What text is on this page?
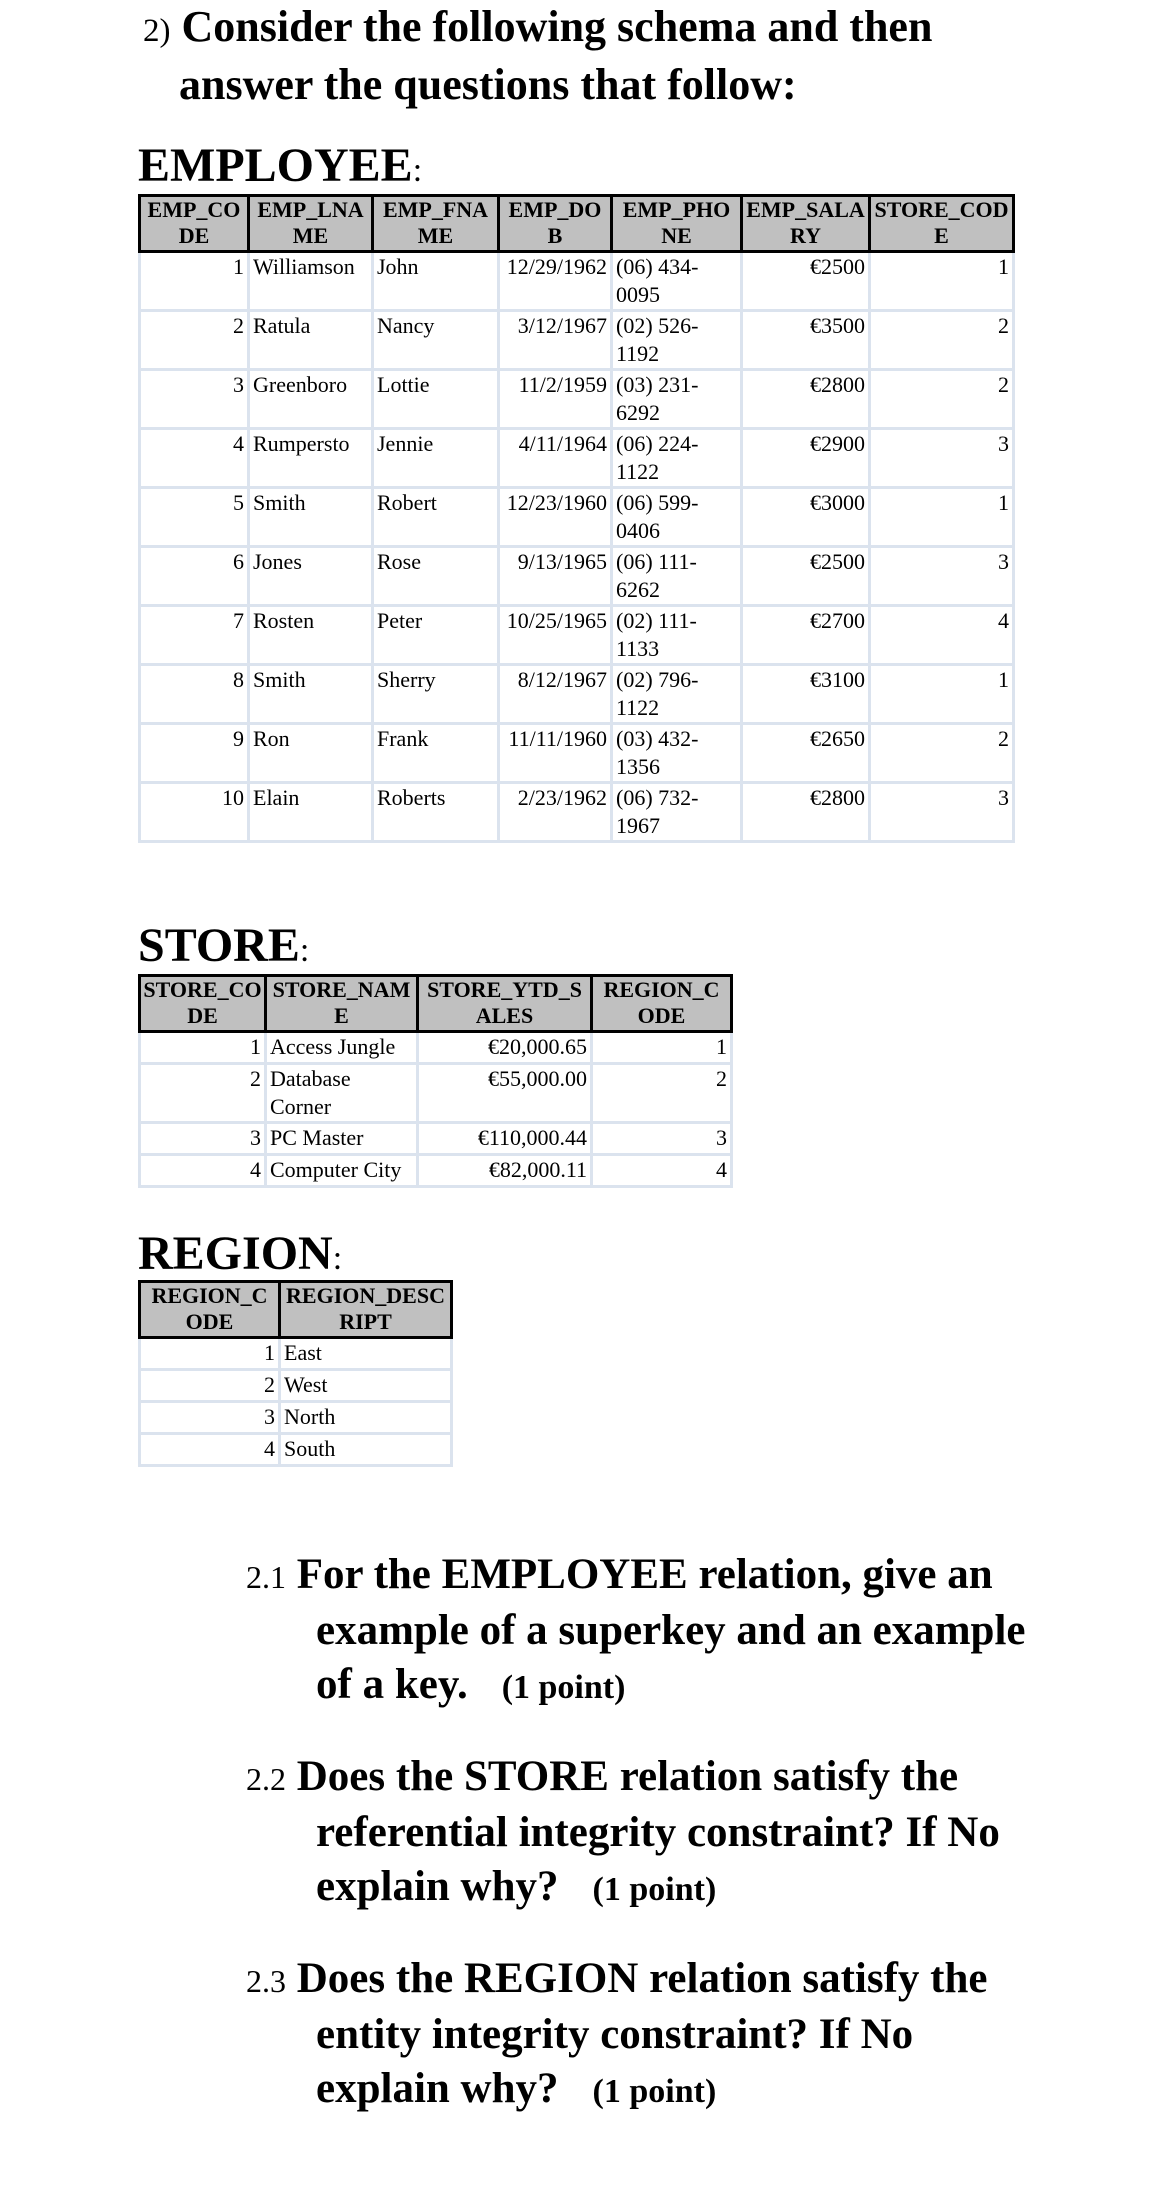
2) Consider the following schema and then
answer the questions that follow:
EMPLOYEE:
EMP_CODE	EMP_LNAME	EMP_FNAME	EMP_DOB	EMP_PHONE	EMP_SALARY	STORE_CODE
1	Williamson	John	12/29/1962	(06) 434-0095	€2500	1
2	Ratula	Nancy	3/12/1967	(02) 526-1192	€3500	2
3	Greenboro	Lottie	11/2/1959	(03) 231-6292	€2800	2
4	Rumpersto	Jennie	4/11/1964	(06) 224-1122	€2900	3
5	Smith	Robert	12/23/1960	(06) 599-0406	€3000	1
6	Jones	Rose	9/13/1965	(06) 111-6262	€2500	3
7	Rosten	Peter	10/25/1965	(02) 111-1133	€2700	4
8	Smith	Sherry	8/12/1967	(02) 796-1122	€3100	1
9	Ron	Frank	11/11/1960	(03) 432-1356	€2650	2
10	Elain	Roberts	2/23/1962	(06) 732-1967	€2800	3
STORE:
STORE_CODE	STORE_NAME	STORE_YTD_SALES	REGION_CODE
1	Access Jungle	€20,000.65	1
2	Database Corner	€55,000.00	2
3	PC Master	€110,000.44	3
4	Computer City	€82,000.11	4
REGION:
REGION_CODE	REGION_DESCRIPT
1	East
2	West
3	North
4	South
2.1 For the EMPLOYEE relation, give an
example of a superkey and an example
of a key. (1 point)
2.2 Does the STORE relation satisfy the
referential integrity constraint? If No
explain why? (1 point)
2.3 Does the REGION relation satisfy the
entity integrity constraint? If No
explain why? (1 point)
